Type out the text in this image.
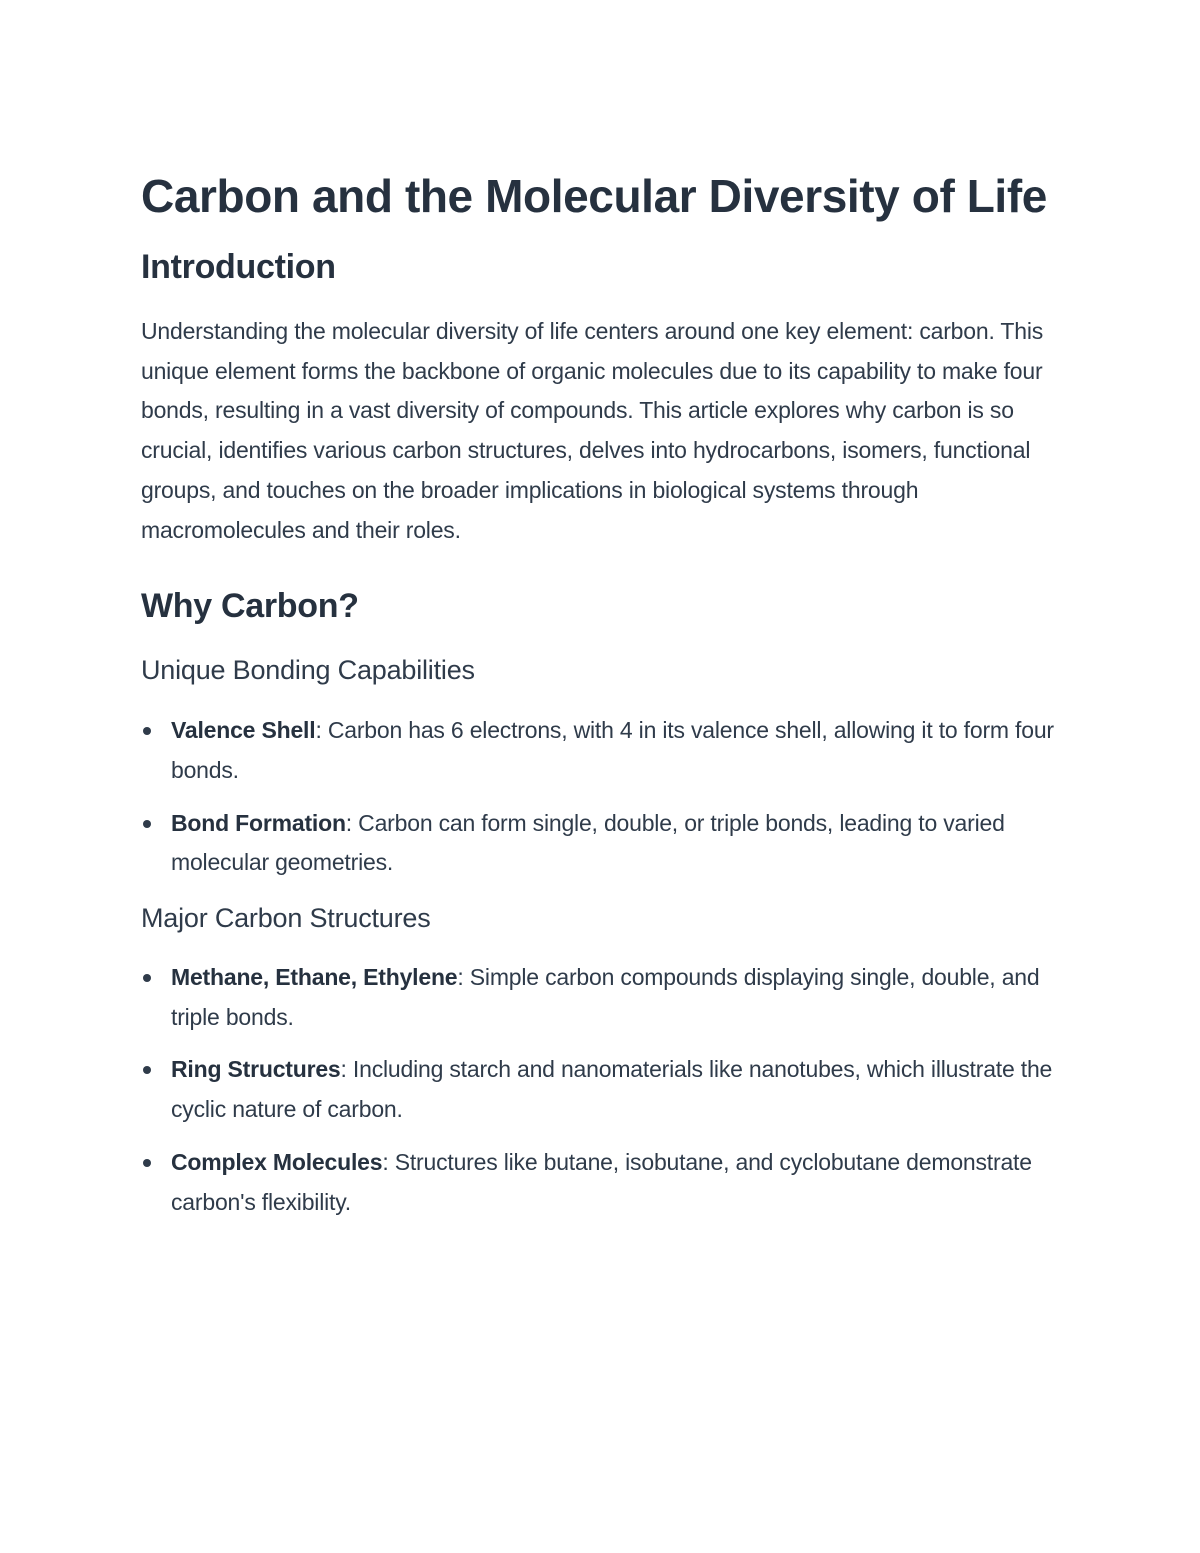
Carbon and the Molecular Diversity of Life
Introduction

Understanding the molecular diversity of life centers around one key element: carbon. This unique element forms the backbone of organic molecules due to its capability to make four bonds, resulting in a vast diversity of compounds. This article explores why carbon is so crucial, identifies various carbon structures, delves into hydrocarbons, isomers, functional groups, and touches on the broader implications in biological systems through macromolecules and their roles.

Why Carbon?
Unique Bonding Capabilities
Valence Shell: Carbon has 6 electrons, with 4 in its valence shell, allowing it to form four bonds.
Bond Formation: Carbon can form single, double, or triple bonds, leading to varied molecular geometries.
Major Carbon Structures
Methane, Ethane, Ethylene: Simple carbon compounds displaying single, double, and triple bonds.
Ring Structures: Including starch and nanomaterials like nanotubes, which illustrate the cyclic nature of carbon.
Complex Molecules: Structures like butane, isobutane, and cyclobutane demonstrate carbon's flexibility.
